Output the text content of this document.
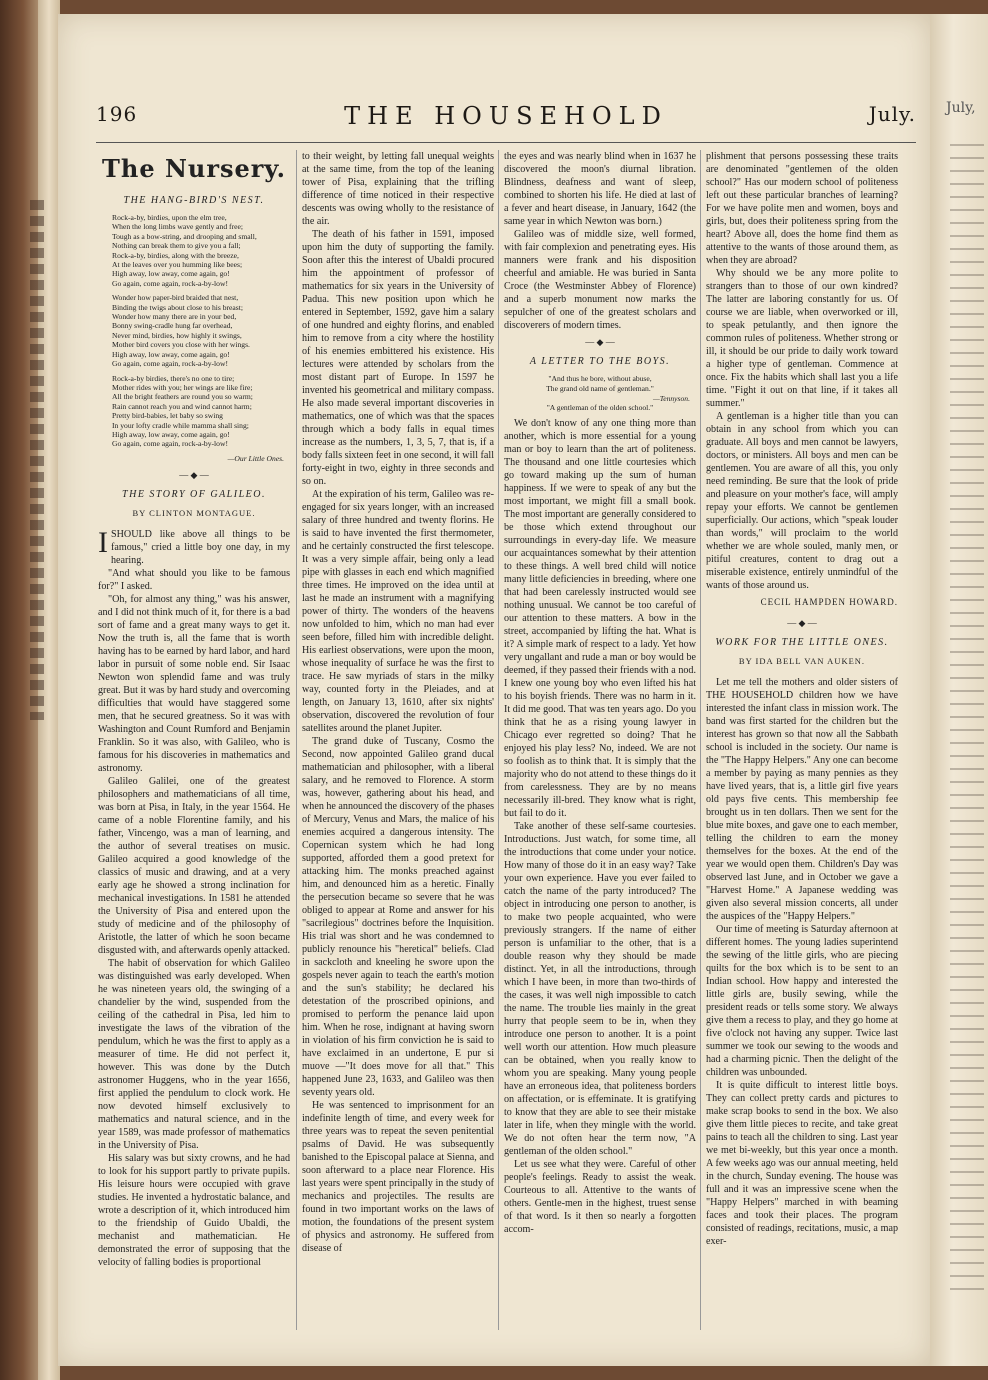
196	THE HOUSEHOLD	July.
The Nursery.
THE HANG-BIRD'S NEST.
Rock-a-by, birdies, upon the elm tree,
When the long limbs wave gently and free;
Tough as a bow-string, and drooping and small,
Nothing can break them to give you a fall;
Rock-a-by, birdies, along with the breeze,
At the leaves over you humming like bees;
High away, low away, come again, go!
Go again, come again, rock-a-by-low!
Wonder how paper-bird braided that nest,
Binding the twigs about close to his breast;
Wonder how many there are in your bed,
Bonny swing-cradle hung far overhead,
Never mind, birdies, how highly it swings,
Mother bird covers you close with her wings.
High away, low away, come again, go!
Go again, come again, rock-a-by-low!
Rock-a-by birdies, there's no one to tire;
Mother rides with you; her wings are like fire;
All the bright feathers are round you so warm;
Rain cannot reach you and wind cannot harm;
Pretty bird-babies, let baby so swing
In your lofty cradle while mamma shall sing;
High away, low away, come again, go!
Go again, come again, rock-a-by-low!
—Our Little Ones.
— ◆ —
THE STORY OF GALILEO.
BY CLINTON MONTAGUE.

ISHOULD like above all things to be famous," cried a little boy one day, in my hearing.

"And what should you like to be famous for?" I asked.

"Oh, for almost any thing," was his answer, and I did not think much of it, for there is a bad sort of fame and a great many ways to get it. Now the truth is, all the fame that is worth having has to be earned by hard labor, and hard labor in pursuit of some noble end. Sir Isaac Newton won splendid fame and was truly great. But it was by hard study and overcoming difficulties that would have staggered some men, that he secured greatness. So it was with Washington and Count Rumford and Benjamin Franklin. So it was also, with Galileo, who is famous for his discoveries in mathematics and astronomy.

Galileo Galilei, one of the greatest philosophers and mathematicians of all time, was born at Pisa, in Italy, in the year 1564. He came of a noble Florentine family, and his father, Vincengo, was a man of learning, and the author of several treatises on music. Galileo acquired a good knowledge of the classics of music and drawing, and at a very early age he showed a strong inclination for mechanical investigations. In 1581 he attended the University of Pisa and entered upon the study of medicine and of the philosophy of Aristotle, the latter of which he soon became disgusted with, and afterwards openly attacked.

The habit of observation for which Galileo was distinguished was early developed. When he was nineteen years old, the swinging of a chandelier by the wind, suspended from the ceiling of the cathedral in Pisa, led him to investigate the laws of the vibration of the pendulum, which he was the first to apply as a measurer of time. He did not perfect it, however. This was done by the Dutch astronomer Huggens, who in the year 1656, first applied the pendulum to clock work. He now devoted himself exclusively to mathematics and natural science, and in the year 1589, was made professor of mathematics in the University of Pisa.

His salary was but sixty crowns, and he had to look for his support partly to private pupils. His leisure hours were occupied with grave studies. He invented a hydrostatic balance, and wrote a description of it, which introduced him to the friendship of Guido Ubaldi, the mechanist and mathematician. He demonstrated the error of supposing that the velocity of falling bodies is proportional

to their weight, by letting fall unequal weights at the same time, from the top of the leaning tower of Pisa, explaining that the trifling difference of time noticed in their respective descents was owing wholly to the resistance of the air.

The death of his father in 1591, imposed upon him the duty of supporting the family. Soon after this the interest of Ubaldi procured him the appointment of professor of mathematics for six years in the University of Padua. This new position upon which he entered in September, 1592, gave him a salary of one hundred and eighty florins, and enabled him to remove from a city where the hostility of his enemies embittered his existence. His lectures were attended by scholars from the most distant part of Europe. In 1597 he invented his geometrical and military compass. He also made several important discoveries in mathematics, one of which was that the spaces through which a body falls in equal times increase as the numbers, 1, 3, 5, 7, that is, if a body falls sixteen feet in one second, it will fall forty-eight in two, eighty in three seconds and so on.

At the expiration of his term, Galileo was re-engaged for six years longer, with an increased salary of three hundred and twenty florins. He is said to have invented the first thermometer, and he certainly constructed the first telescope. It was a very simple affair, being only a lead pipe with glasses in each end which magnified three times. He improved on the idea until at last he made an instrument with a magnifying power of thirty. The wonders of the heavens now unfolded to him, which no man had ever seen before, filled him with incredible delight. His earliest observations, were upon the moon, whose inequality of surface he was the first to trace. He saw myriads of stars in the milky way, counted forty in the Pleiades, and at length, on January 13, 1610, after six nights' observation, discovered the revolution of four satellites around the planet Jupiter.

The grand duke of Tuscany, Cosmo the Second, now appointed Galileo grand ducal mathematician and philosopher, with a liberal salary, and he removed to Florence. A storm was, however, gathering about his head, and when he announced the discovery of the phases of Mercury, Venus and Mars, the malice of his enemies acquired a dangerous intensity. The Copernican system which he had long supported, afforded them a good pretext for attacking him. The monks preached against him, and denounced him as a heretic. Finally the persecution became so severe that he was obliged to appear at Rome and answer for his "sacrilegious" doctrines before the Inquisition. His trial was short and he was condemned to publicly renounce his "heretical" beliefs. Clad in sackcloth and kneeling he swore upon the gospels never again to teach the earth's motion and the sun's stability; he declared his detestation of the proscribed opinions, and promised to perform the penance laid upon him. When he rose, indignant at having sworn in violation of his firm conviction he is said to have exclaimed in an undertone, E pur si muove —"It does move for all that." This happened June 23, 1633, and Galileo was then seventy years old.

He was sentenced to imprisonment for an indefinite length of time, and every week for three years was to repeat the seven penitential psalms of David. He was subsequently banished to the Episcopal palace at Sienna, and soon afterward to a place near Florence. His last years were spent principally in the study of mechanics and projectiles. The results are found in two important works on the laws of motion, the foundations of the present system of physics and astronomy. He suffered from disease of

the eyes and was nearly blind when in 1637 he discovered the moon's diurnal libration. Blindness, deafness and want of sleep, combined to shorten his life. He died at last of a fever and heart disease, in January, 1642 (the same year in which Newton was born.)

Galileo was of middle size, well formed, with fair complexion and penetrating eyes. His manners were frank and his disposition cheerful and amiable. He was buried in Santa Croce (the Westminster Abbey of Florence) and a superb monument now marks the sepulcher of one of the greatest scholars and discoverers of modern times.

— ◆ —
A LETTER TO THE BOYS.
"And thus he bore, without abuse,
The grand old name of gentleman."
—Tennyson.
"A gentleman of the olden school."

We don't know of any one thing more than another, which is more essential for a young man or boy to learn than the art of politeness. The thousand and one little courtesies which go toward making up the sum of human happiness. If we were to speak of any but the most important, we might fill a small book. The most important are generally considered to be those which extend throughout our surroundings in every-day life. We measure our acquaintances somewhat by their attention to these things. A well bred child will notice many little deficiencies in breeding, where one that had been carelessly instructed would see nothing unusual. We cannot be too careful of our attention to these matters. A bow in the street, accompanied by lifting the hat. What is it? A simple mark of respect to a lady. Yet how very ungallant and rude a man or boy would be deemed, if they passed their friends with a nod. I knew one young boy who even lifted his hat to his boyish friends. There was no harm in it. It did me good. That was ten years ago. Do you think that he as a rising young lawyer in Chicago ever regretted so doing? That he enjoyed his play less? No, indeed. We are not so foolish as to think that. It is simply that the majority who do not attend to these things do it from carelessness. They are by no means necessarily ill-bred. They know what is right, but fail to do it.

Take another of these self-same courtesies. Introductions. Just watch, for some time, all the introductions that come under your notice. How many of those do it in an easy way? Take your own experience. Have you ever failed to catch the name of the party introduced? The object in introducing one person to another, is to make two people acquainted, who were previously strangers. If the name of either person is unfamiliar to the other, that is a double reason why they should be made distinct. Yet, in all the introductions, through which I have been, in more than two-thirds of the cases, it was well nigh impossible to catch the name. The trouble lies mainly in the great hurry that people seem to be in, when they introduce one person to another. It is a point well worth our attention. How much pleasure can be obtained, when you really know to whom you are speaking. Many young people have an erroneous idea, that politeness borders on affectation, or is effeminate. It is gratifying to know that they are able to see their mistake later in life, when they mingle with the world. We do not often hear the term now, "A gentleman of the olden school."

Let us see what they were. Careful of other people's feelings. Ready to assist the weak. Courteous to all. Attentive to the wants of others. Gentle-men in the highest, truest sense of that word. Is it then so nearly a forgotten accom-

plishment that persons possessing these traits are denominated "gentlemen of the olden school?" Has our modern school of politeness left out these particular branches of learning? For we have polite men and women, boys and girls, but, does their politeness spring from the heart? Above all, does the home find them as attentive to the wants of those around them, as when they are abroad?

Why should we be any more polite to strangers than to those of our own kindred? The latter are laboring constantly for us. Of course we are liable, when overworked or ill, to speak petulantly, and then ignore the common rules of politeness. Whether strong or ill, it should be our pride to daily work toward a higher type of gentleman. Commence at once. Fix the habits which shall last you a life time. "Fight it out on that line, if it takes all summer."

A gentleman is a higher title than you can obtain in any school from which you can graduate. All boys and men cannot be lawyers, doctors, or ministers. All boys and men can be gentlemen. You are aware of all this, you only need reminding. Be sure that the look of pride and pleasure on your mother's face, will amply repay your efforts. We cannot be gentlemen superficially. Our actions, which "speak louder than words," will proclaim to the world whether we are whole souled, manly men, or pitiful creatures, content to drag out a miserable existence, entirely unmindful of the wants of those around us.

CECIL HAMPDEN HOWARD.
— ◆ —
WORK FOR THE LITTLE ONES.
BY IDA BELL VAN AUKEN.

Let me tell the mothers and older sisters of THE HOUSEHOLD children how we have interested the infant class in mission work. The band was first started for the children but the interest has grown so that now all the Sabbath school is included in the society. Our name is the "The Happy Helpers." Any one can become a member by paying as many pennies as they have lived years, that is, a little girl five years old pays five cents. This membership fee brought us in ten dollars. Then we sent for the blue mite boxes, and gave one to each member, telling the children to earn the money themselves for the boxes. At the end of the year we would open them. Children's Day was observed last June, and in October we gave a "Harvest Home." A Japanese wedding was given also several mission concerts, all under the auspices of the "Happy Helpers."

Our time of meeting is Saturday afternoon at different homes. The young ladies superintend the sewing of the little girls, who are piecing quilts for the box which is to be sent to an Indian school. How happy and interested the little girls are, busily sewing, while the president reads or tells some story. We always give them a recess to play, and they go home at five o'clock not having any supper. Twice last summer we took our sewing to the woods and had a charming picnic. Then the delight of the children was unbounded.

It is quite difficult to interest little boys. They can collect pretty cards and pictures to make scrap books to send in the box. We also give them little pieces to recite, and take great pains to teach all the children to sing. Last year we met bi-weekly, but this year once a month. A few weeks ago was our annual meeting, held in the church, Sunday evening. The house was full and it was an impressive scene when the "Happy Helpers" marched in with beaming faces and took their places. The program consisted of readings, recitations, music, a map exer-

July,
